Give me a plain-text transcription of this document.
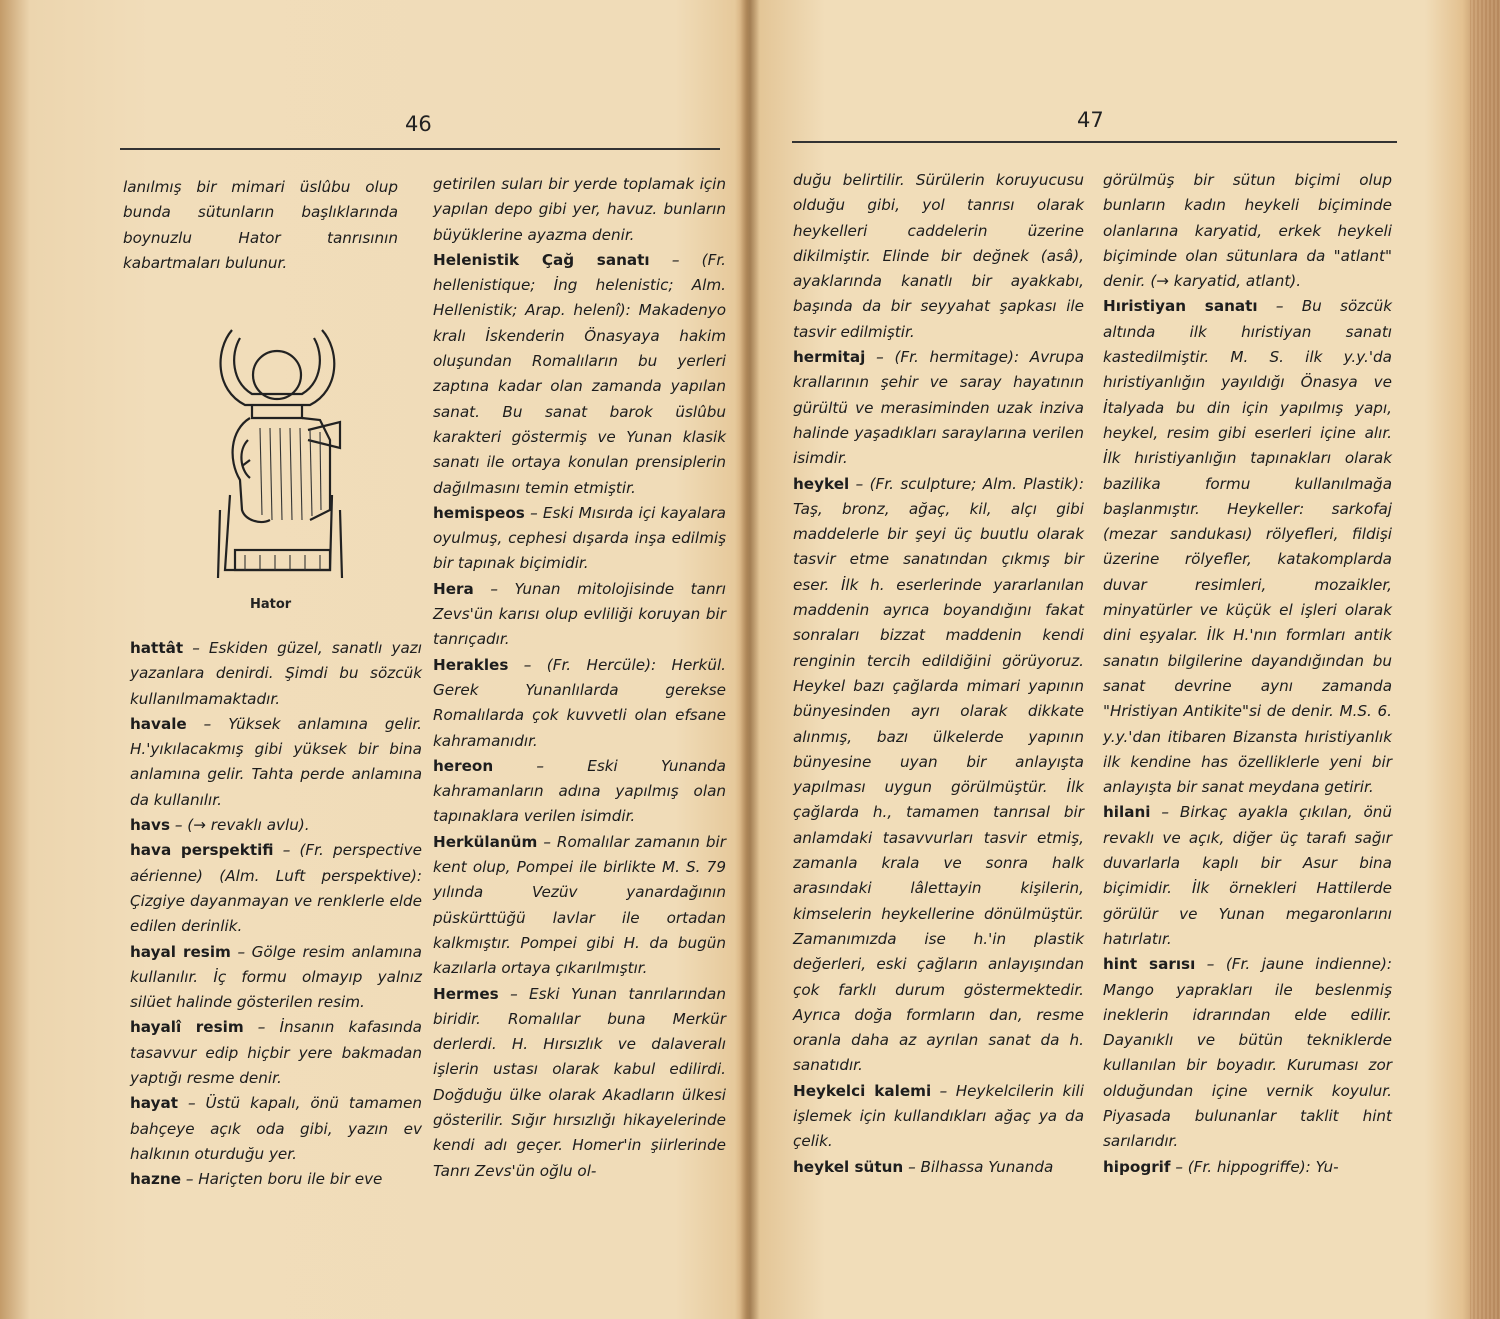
46

lanılmış bir mimari üslûbu olup bunda sütunların başlıklarında boynuzlu Hator tanrısının kabartmaları bulunur.

Hator

hattât – Eskiden güzel, sanatlı yazı yazanlara denirdi. Şimdi bu sözcük kullanılmamaktadır.

havale – Yüksek anlamına gelir. H.'yıkılacakmış gibi yüksek bir bina anlamına gelir. Tahta perde anlamına da kullanılır.

havs – (→ revaklı avlu).

hava perspektifi – (Fr. perspective aérienne) (Alm. Luft perspektive): Çizgiye dayanmayan ve renklerle elde edilen derinlik.

hayal resim – Gölge resim anlamına kullanılır. İç formu olmayıp yalnız silüet halinde gösterilen resim.

hayalî resim – İnsanın kafasında tasavvur edip hiçbir yere bakmadan yaptığı resme denir.

hayat – Üstü kapalı, önü tamamen bahçeye açık oda gibi, yazın ev halkının oturduğu yer.

hazne – Hariçten boru ile bir eve

getirilen suları bir yerde toplamak için yapılan depo gibi yer, havuz. bunların büyüklerine ayazma denir.

Helenistik Çağ sanatı – (Fr. hellenistique; İng helenistic; Alm. Hellenistik; Arap. helenî): Makadenyo kralı İskenderin Önasyaya hakim oluşundan Romalıların bu yerleri zaptına kadar olan zamanda yapılan sanat. Bu sanat barok üslûbu karakteri göstermiş ve Yunan klasik sanatı ile ortaya konulan prensiplerin dağılmasını temin etmiştir.

hemispeos – Eski Mısırda içi kayalara oyulmuş, cephesi dışarda inşa edilmiş bir tapınak biçimidir.

Hera – Yunan mitolojisinde tanrı Zevs'ün karısı olup evliliği koruyan bir tanrıçadır.

Herakles – (Fr. Hercüle): Herkül. Gerek Yunanlılarda gerekse Romalılarda çok kuvvetli olan efsane kahramanıdır.

hereon – Eski Yunanda kahramanların adına yapılmış olan tapınaklara verilen isimdir.

Herkülanüm – Romalılar zamanın bir kent olup, Pompei ile birlikte M. S. 79 yılında Vezüv yanardağının püskürttüğü lavlar ile ortadan kalkmıştır. Pompei gibi H. da bugün kazılarla ortaya çıkarılmıştır.

Hermes – Eski Yunan tanrılarından biridir. Romalılar buna Merkür derlerdi. H. Hırsızlık ve dalaveralı işlerin ustası olarak kabul edilirdi. Doğduğu ülke olarak Akadların ülkesi gösterilir. Sığır hırsızlığı hikayelerinde kendi adı geçer. Homer'in şiirlerinde Tanrı Zevs'ün oğlu ol-

47

duğu belirtilir. Sürülerin koruyucusu olduğu gibi, yol tanrısı olarak heykelleri caddelerin üzerine dikilmiştir. Elinde bir değnek (asâ), ayaklarında kanatlı bir ayakkabı, başında da bir seyyahat şapkası ile tasvir edilmiştir.

hermitaj – (Fr. hermitage): Avrupa krallarının şehir ve saray hayatının gürültü ve merasiminden uzak inziva halinde yaşadıkları saraylarına verilen isimdir.

heykel – (Fr. sculpture; Alm. Plastik): Taş, bronz, ağaç, kil, alçı gibi maddelerle bir şeyi üç buutlu olarak tasvir etme sanatından çıkmış bir eser. İlk h. eserlerinde yararlanılan maddenin ayrıca boyandığını fakat sonraları bizzat maddenin kendi renginin tercih edildiğini görüyoruz. Heykel bazı çağlarda mimari yapının bünyesinden ayrı olarak dikkate alınmış, bazı ülkelerde yapının bünyesine uyan bir anlayışta yapılması uygun görülmüştür. İlk çağlarda h., tamamen tanrısal bir anlamdaki tasavvurları tasvir etmiş, zamanla krala ve sonra halk arasındaki lâlettayin kişilerin, kimselerin heykellerine dönülmüştür. Zamanımızda ise h.'in plastik değerleri, eski çağların anlayışından çok farklı durum göstermektedir. Ayrıca doğa formların dan, resme oranla daha az ayrılan sanat da h. sanatıdır.

Heykelci kalemi – Heykelcilerin kili işlemek için kullandıkları ağaç ya da çelik.

heykel sütun – Bilhassa Yunanda

görülmüş bir sütun biçimi olup bunların kadın heykeli biçiminde olanlarına karyatid, erkek heykeli biçiminde olan sütunlara da "atlant" denir. (→ karyatid, atlant).

Hıristiyan sanatı – Bu sözcük altında ilk hıristiyan sanatı kastedilmiştir. M. S. ilk y.y.'da hıristiyanlığın yayıldığı Önasya ve İtalyada bu din için yapılmış yapı, heykel, resim gibi eserleri içine alır. İlk hıristiyanlığın tapınakları olarak bazilika formu kullanılmağa başlanmıştır. Heykeller: sarkofaj (mezar sandukası) rölyefleri, fildişi üzerine rölyefler, katakomplarda duvar resimleri, mozaikler, minyatürler ve küçük el işleri olarak dini eşyalar. İlk H.'nın formları antik sanatın bilgilerine dayandığından bu sanat devrine aynı zamanda "Hristiyan Antikite"si de denir. M.S. 6. y.y.'dan itibaren Bizansta hıristiyanlık ilk kendine has özelliklerle yeni bir anlayışta bir sanat meydana getirir.

hilani – Birkaç ayakla çıkılan, önü revaklı ve açık, diğer üç tarafı sağır duvarlarla kaplı bir Asur bina biçimidir. İlk örnekleri Hattilerde görülür ve Yunan megaronlarını hatırlatır.

hint sarısı – (Fr. jaune indienne): Mango yaprakları ile beslenmiş ineklerin idrarından elde edilir. Dayanıklı ve bütün tekniklerde kullanılan bir boyadır. Kuruması zor olduğundan içine vernik koyulur. Piyasada bulunanlar taklit hint sarılarıdır.

hipogrif – (Fr. hippogriffe): Yu-
